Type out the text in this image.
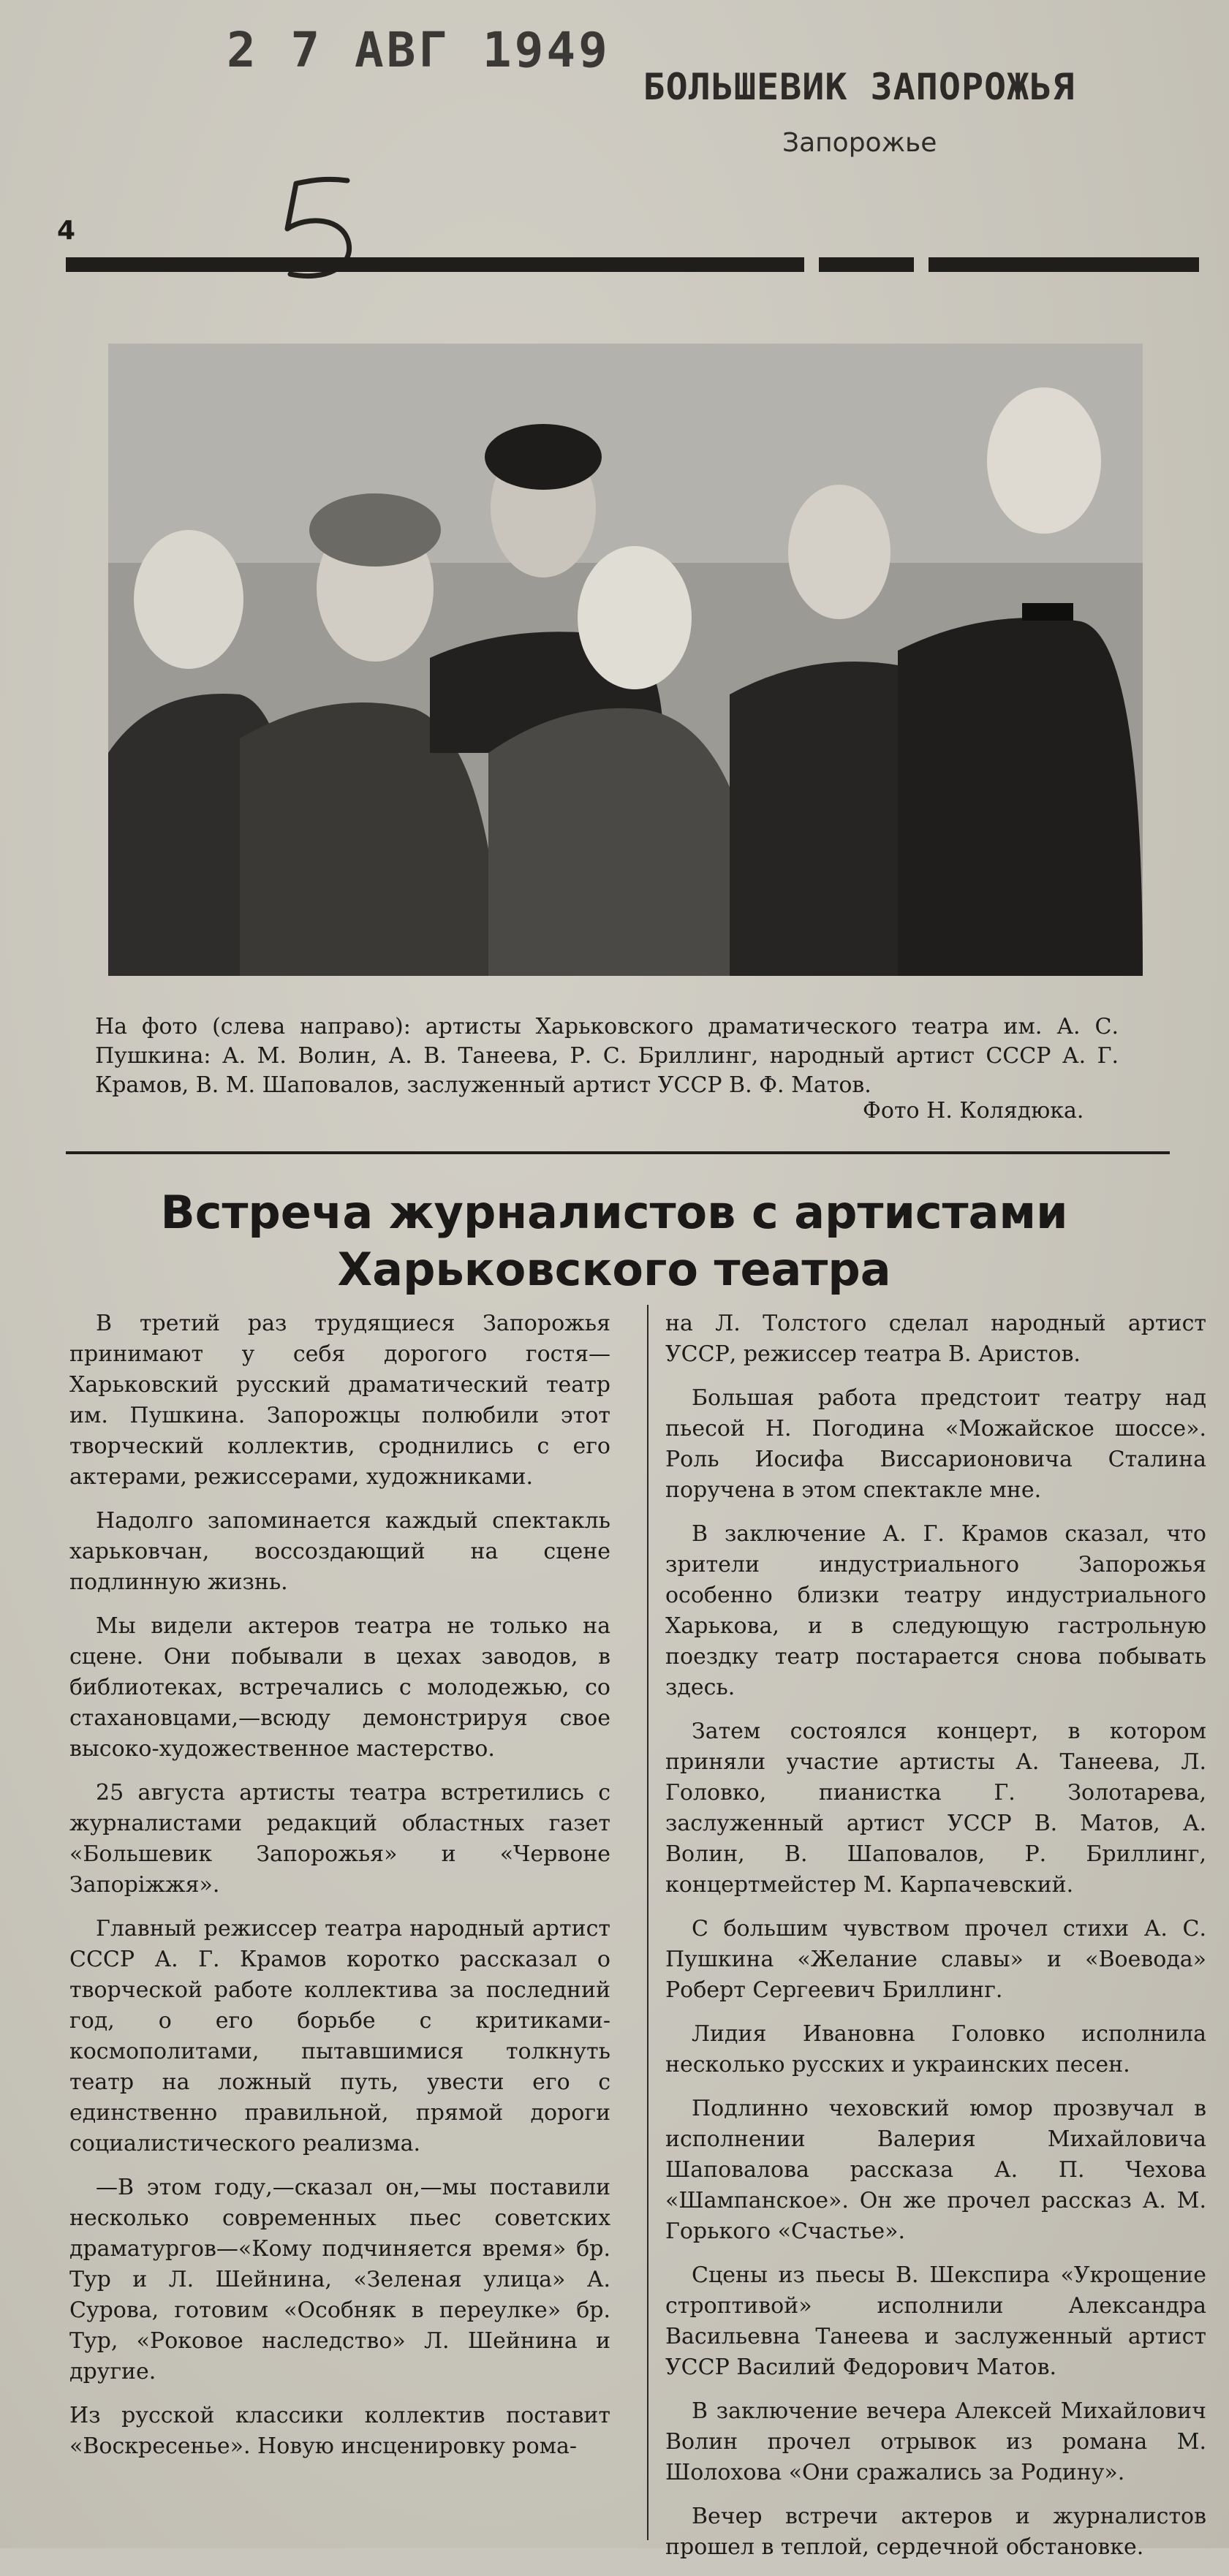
2 7 АВГ 1949
БОЛЬШЕВИК ЗАПОРОЖЬЯ
Запорожье
4
На фото (слева направо): артисты Харьковского драматического театра им. А. С. Пушкина: А. М. Волин, А. В. Танеева, Р. С. Бриллинг, народный артист СССР А. Г. Крамов, В. М. Шаповалов, заслуженный артист УССР В. Ф. Матов.
Фото Н. Колядюка.
Встреча журналистов с артистами
Харьковского театра

В третий раз трудящиеся Запорожья принимают у себя дорогого гостя—Харьковский русский драматический театр им. Пушкина. Запорожцы полюбили этот творческий коллектив, сроднились с его актерами, режиссерами, художниками.

Надолго запоминается каждый спектакль харьковчан, воссоздающий на сцене подлинную жизнь.

Мы видели актеров театра не только на сцене. Они побывали в цехах заводов, в библиотеках, встречались с молодежью, со стахановцами,—всюду демонстрируя свое высоко-художественное мастерство.

25 августа артисты театра встретились с журналистами редакций областных газет «Большевик Запорожья» и «Червоне Запоріжжя».

Главный режиссер театра народный артист СССР А. Г. Крамов коротко рассказал о творческой работе коллектива за последний год, о его борьбе с критиками-космополитами, пытавшимися толкнуть театр на ложный путь, увести его с единственно правильной, прямой дороги социалистического реализма.

—В этом году,—сказал он,—мы поставили несколько современных пьес советских драматургов—«Кому подчиняется время» бр. Тур и Л. Шейнина, «Зеленая улица» А. Сурова, готовим «Особняк в переулке» бр. Тур, «Роковое наследство» Л. Шейнина и другие.

Из русской классики коллектив поставит «Воскресенье». Новую инсценировку рома-

на Л. Толстого сделал народный артист УССР, режиссер театра В. Аристов.

Большая работа предстоит театру над пьесой Н. Погодина «Можайское шоссе». Роль Иосифа Виссарионовича Сталина поручена в этом спектакле мне.

В заключение А. Г. Крамов сказал, что зрители индустриального Запорожья особенно близки театру индустриального Харькова, и в следующую гастрольную поездку театр постарается снова побывать здесь.

Затем состоялся концерт, в котором приняли участие артисты А. Танеева, Л. Головко, пианистка Г. Золотарева, заслуженный артист УССР В. Матов, А. Волин, В. Шаповалов, Р. Бриллинг, концертмейстер М. Карпачевский.

С большим чувством прочел стихи А. С. Пушкина «Желание славы» и «Воевода» Роберт Сергеевич Бриллинг.

Лидия Ивановна Головко исполнила несколько русских и украинских песен.

Подлинно чеховский юмор прозвучал в исполнении Валерия Михайловича Шаповалова рассказа А. П. Чехова «Шампанское». Он же прочел рассказ А. М. Горького «Счастье».

Сцены из пьесы В. Шекспира «Укрощение строптивой» исполнили Александра Васильевна Танеева и заслуженный артист УССР Василий Федорович Матов.

В заключение вечера Алексей Михайлович Волин прочел отрывок из романа М. Шолохова «Они сражались за Родину».

Вечер встречи актеров и журналистов прошел в теплой, сердечной обстановке.
